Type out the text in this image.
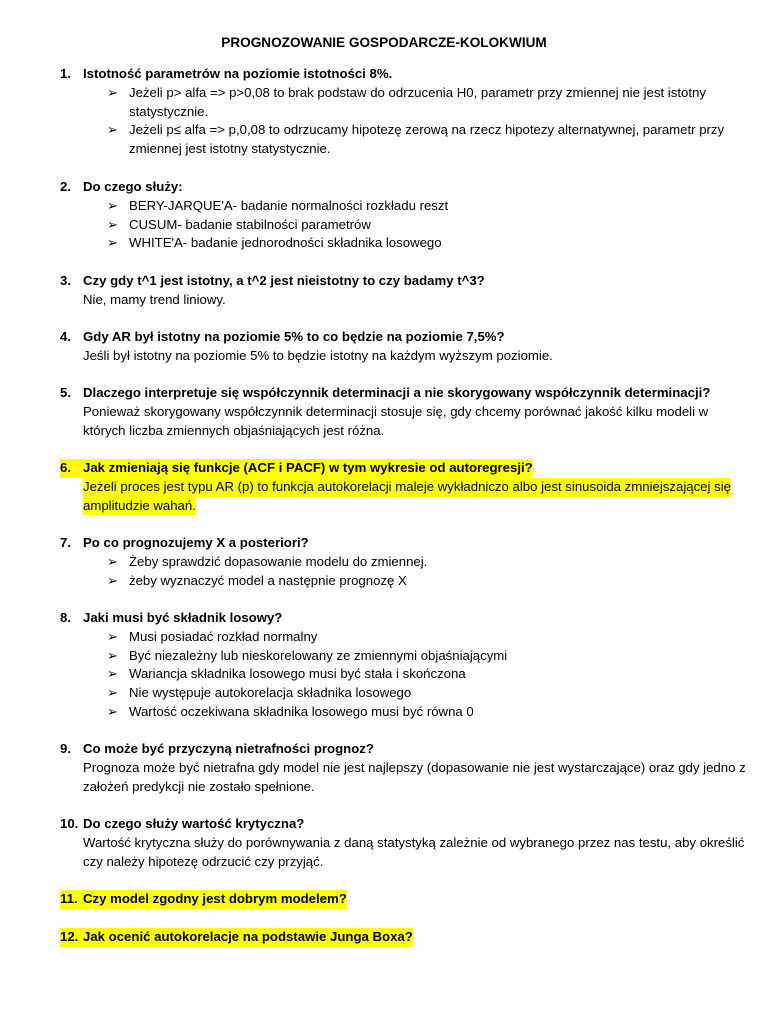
PROGNOZOWANIE GOSPODARCZE-KOLOKWIUM
1. Istotność parametrów na poziomie istotności 8%.
➢ Jeżeli p> alfa => p>0,08 to brak podstaw do odrzucenia H0, parametr przy zmiennej nie jest istotny
statystycznie.
➢ Jeżeli p≤ alfa => p,0,08 to odrzucamy hipotezę zerową na rzecz hipotezy alternatywnej, parametr przy
zmiennej jest istotny statystycznie.
2. Do czego służy:
➢ BERY-JARQUE'A- badanie normalności rozkładu reszt
➢ CUSUM- badanie stabilności parametrów
➢ WHITE'A- badanie jednorodności składnika losowego
3. Czy gdy t^1 jest istotny, a t^2 jest nieistotny to czy badamy t^3?
Nie, mamy trend liniowy.
4. Gdy AR był istotny na poziomie 5% to co będzie na poziomie 7,5%?
Jeśli był istotny na poziomie 5% to będzie istotny na każdym wyższym poziomie.
5. Dlaczego interpretuje się współczynnik determinacji a nie skorygowany współczynnik determinacji?
Ponieważ skorygowany współczynnik determinacji stosuje się, gdy chcemy porównać jakość kilku modeli w
których liczba zmiennych objaśniających jest różna.
6. Jak zmieniają się funkcje (ACF i PACF) w tym wykresie od autoregresji?
Jeżeli proces jest typu AR (p) to funkcja autokorelacji maleje wykładniczo albo jest sinusoida zmniejszającej się
amplitudzie wahań.
7. Po co prognozujemy X a posteriori?
➢ Żeby sprawdzić dopasowanie modelu do zmiennej.
➢ żeby wyznaczyć model a następnie prognozę X
8. Jaki musi być składnik losowy?
➢ Musi posiadać rozkład normalny
➢ Być niezależny lub nieskorelowany ze zmiennymi objaśniającymi
➢ Wariancja składnika losowego musi być stała i skończona
➢ Nie występuje autokorelacja składnika losowego
➢ Wartość oczekiwana składnika losowego musi być równa 0
9. Co może być przyczyną nietrafności prognoz?
Prognoza może być nietrafna gdy model nie jest najlepszy (dopasowanie nie jest wystarczające) oraz gdy jedno z
założeń predykcji nie zostało spełnione.
10. Do czego służy wartość krytyczna?
Wartość krytyczna służy do porównywania z daną statystyką zależnie od wybranego przez nas testu, aby określić
czy należy hipotezę odrzucić czy przyjąć.
11. Czy model zgodny jest dobrym modelem?
12. Jak ocenić autokorelacje na podstawie Junga Boxa?
